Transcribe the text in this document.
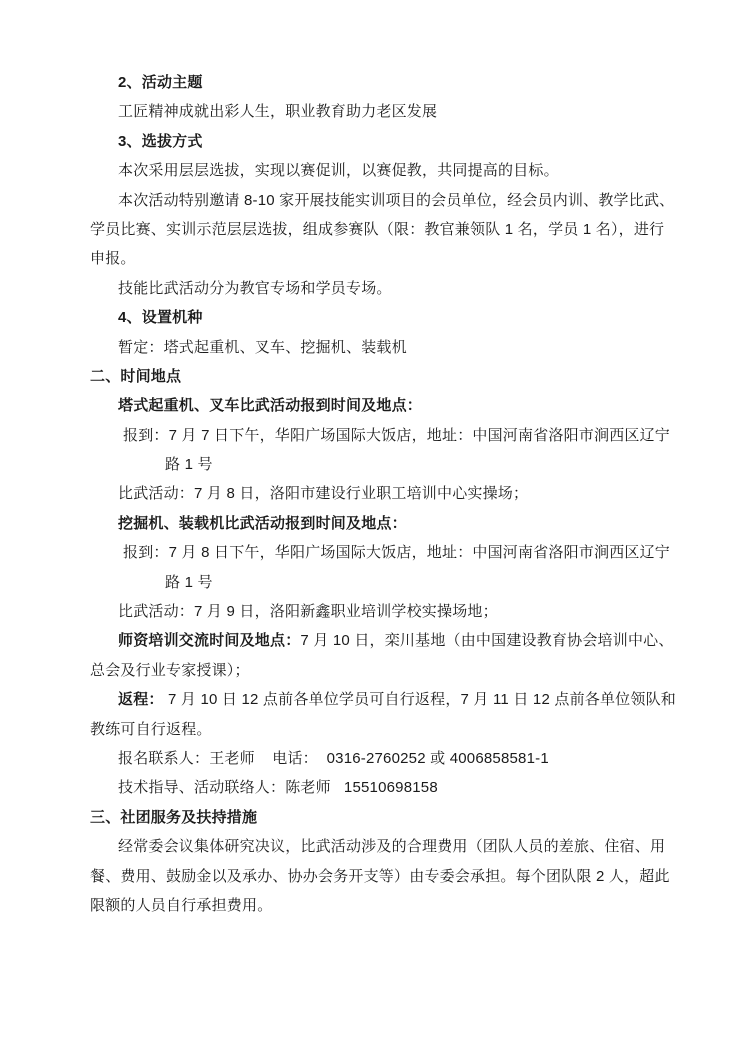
2、活动主题
工匠精神成就出彩人生，职业教育助力老区发展
3、选拔方式
本次采用层层选拔，实现以赛促训，以赛促教，共同提高的目标。
本次活动特别邀请 8-10 家开展技能实训项目的会员单位，经会员内训、教学比武、
学员比赛、实训示范层层选拔，组成参赛队（限：教官兼领队 1 名，学员 1 名），进行
申报。
技能比武活动分为教官专场和学员专场。
4、设置机种
暂定：塔式起重机、叉车、挖掘机、装载机
二、时间地点
塔式起重机、叉车比武活动报到时间及地点：
报到：7 月 7 日下午，华阳广场国际大饭店，地址：中国河南省洛阳市涧西区辽宁
路 1 号
比武活动：7 月 8 日，洛阳市建设行业职工培训中心实操场；
挖掘机、装载机比武活动报到时间及地点：
报到：7 月 8 日下午，华阳广场国际大饭店，地址：中国河南省洛阳市涧西区辽宁
路 1 号
比武活动：7 月 9 日，洛阳新鑫职业培训学校实操场地；
师资培训交流时间及地点：7 月 10 日，栾川基地（由中国建设教育协会培训中心、
总会及行业专家授课）；
返程： 7 月 10 日 12 点前各单位学员可自行返程，7 月 11 日 12 点前各单位领队和
教练可自行返程。
报名联系人：王老师    电话：  0316-2760252 或 4006858581-1
技术指导、活动联络人：陈老师   15510698158
三、社团服务及扶持措施
经常委会议集体研究决议，比武活动涉及的合理费用（团队人员的差旅、住宿、用
餐、费用、鼓励金以及承办、协办会务开支等）由专委会承担。每个团队限 2 人，超此
限额的人员自行承担费用。
